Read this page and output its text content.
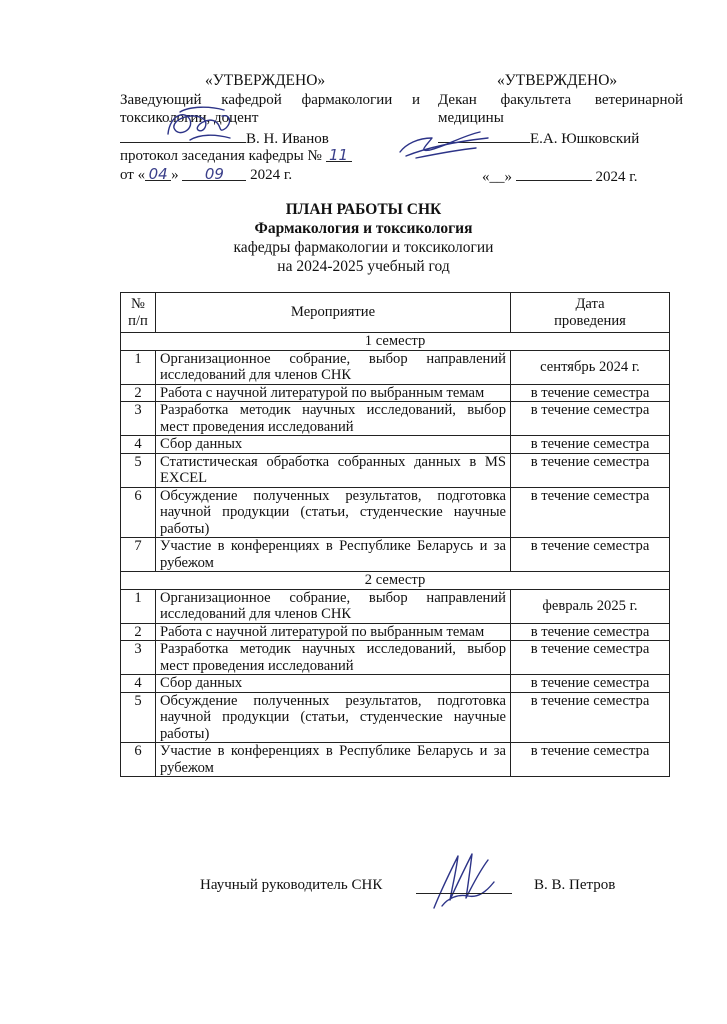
«УТВЕРЖДЕНО»
Заведующий кафедрой фармакологии и
токсикологии, доцент
В. Н. Иванов
протокол заседания кафедры № 11
от « 04 » 09 2024 г.
«УТВЕРЖДЕНО»
Декан факультета ветеринарной
медицины
Е.А. Юшковский
«__»	2024 г.
ПЛАН РАБОТЫ СНК
Фармакология и токсикология
кафедры фармакологии и токсикологии
на 2024-2025 учебный год
№
п/п	Мероприятие	Дата
проведения
1 семестр		
1	Организационное собрание, выбор направлений исследований для членов СНК	сентябрь 2024 г.
2	Работа с научной литературой по выбранным темам	в течение семестра
3	Разработка методик научных исследований, выбор мест проведения исследований	в течение семестра
4	Сбор данных	в течение семестра
5	Статистическая обработка собранных данных в MS EXCEL	в течение семестра
6	Обсуждение полученных результатов, подготовка научной продукции (статьи, студенческие научные работы)	в течение семестра
7	Участие в конференциях в Республике Беларусь и за рубежом	в течение семестра
2 семестр		
1	Организационное собрание, выбор направлений исследований для членов СНК	февраль 2025 г.
2	Работа с научной литературой по выбранным темам	в течение семестра
3	Разработка методик научных исследований, выбор мест проведения исследований	в течение семестра
4	Сбор данных	в течение семестра
5	Обсуждение полученных результатов, подготовка научной продукции (статьи, студенческие научные работы)	в течение семестра
6	Участие в конференциях в Республике Беларусь и за рубежом	в течение семестра
Научный руководитель СНК	В. В. Петров
